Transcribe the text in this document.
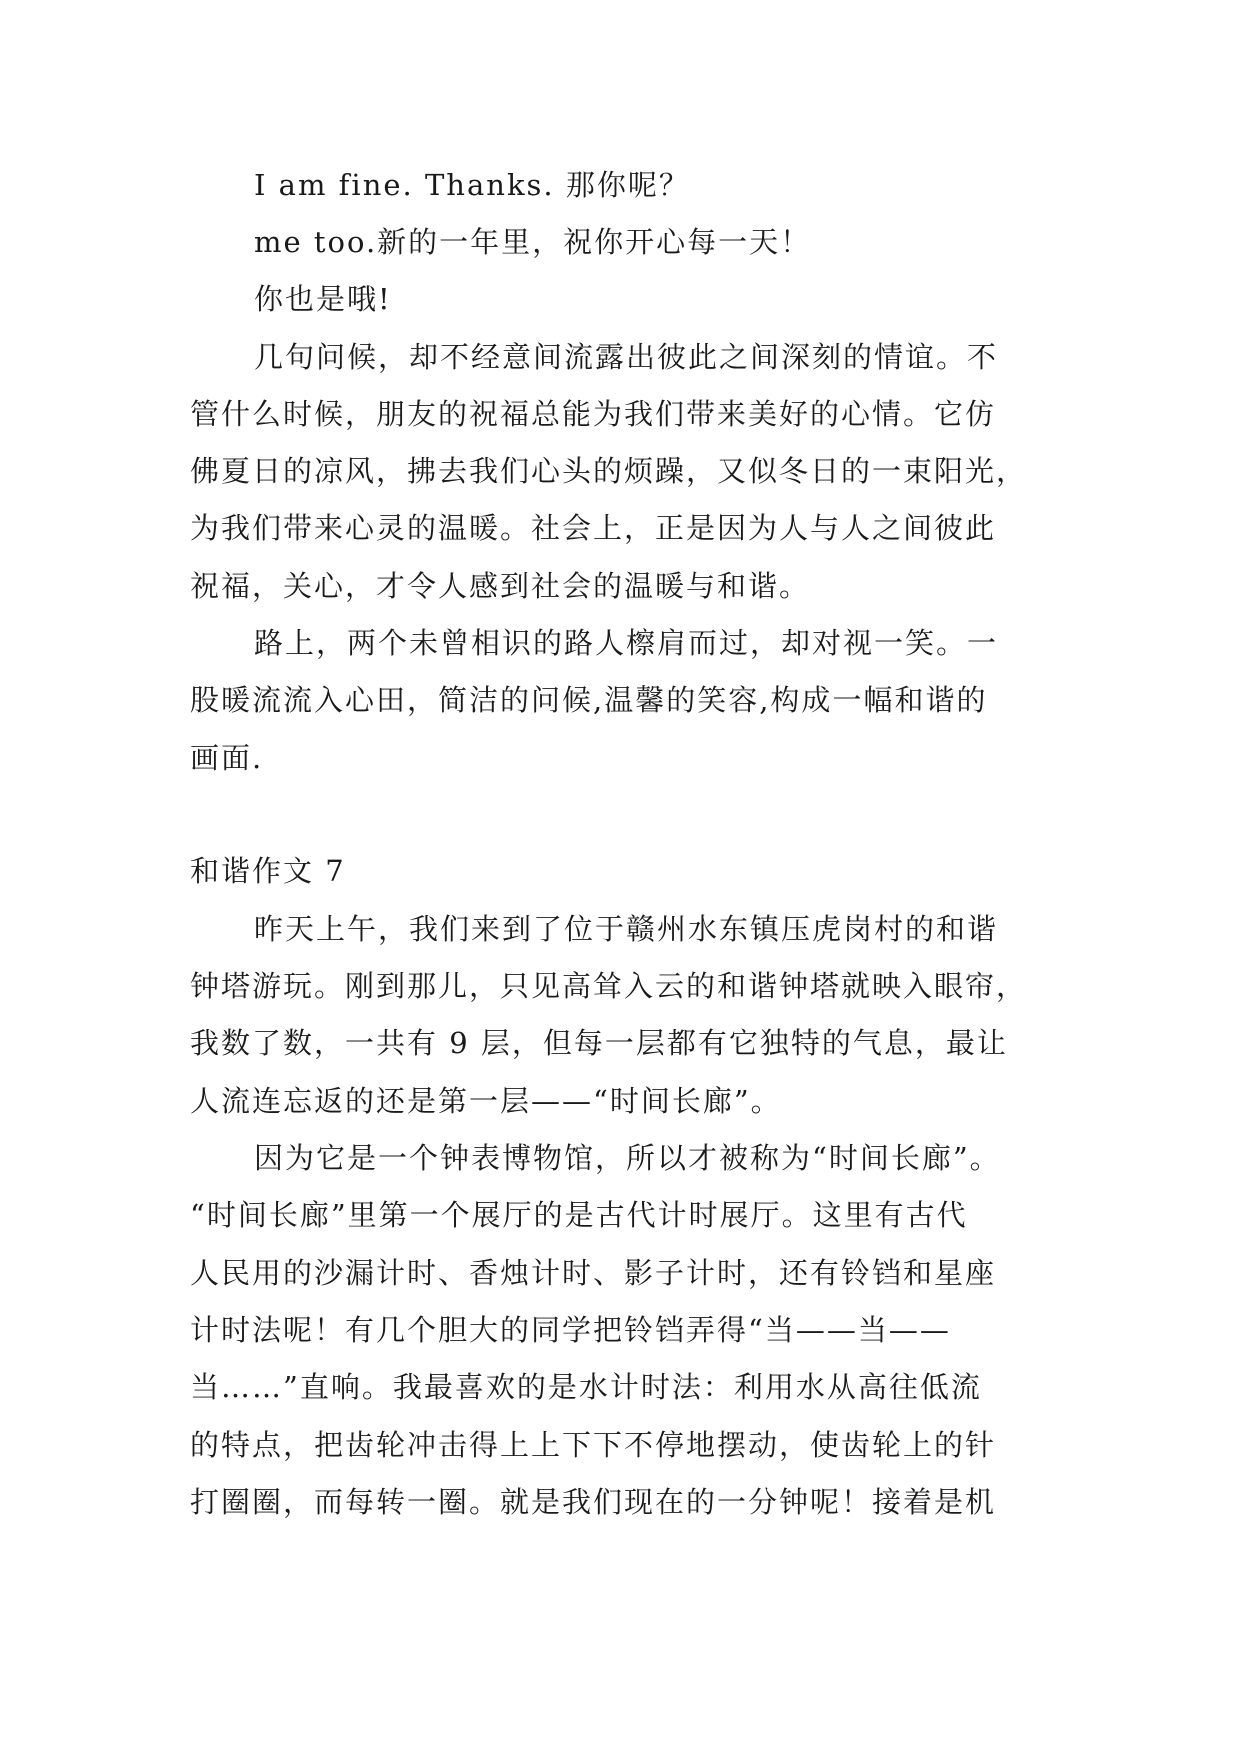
I am fine. Thanks. 那你呢？
me too.新的一年里，祝你开心每一天！
你也是哦!
几句问候，却不经意间流露出彼此之间深刻的情谊。不
管什么时候，朋友的祝福总能为我们带来美好的心情。它仿
佛夏日的凉风，拂去我们心头的烦躁，又似冬日的一束阳光，
为我们带来心灵的温暖。社会上，正是因为人与人之间彼此
祝福，关心，才令人感到社会的温暖与和谐。
路上，两个未曾相识的路人檫肩而过，却对视一笑。一
股暖流流入心田，简洁的问候,温馨的笑容,构成一幅和谐的
画面.
和谐作文 7
昨天上午，我们来到了位于赣州水东镇压虎岗村的和谐
钟塔游玩。刚到那儿，只见高耸入云的和谐钟塔就映入眼帘，
我数了数，一共有 9 层，但每一层都有它独特的气息，最让
人流连忘返的还是第一层——“时间长廊”。
因为它是一个钟表博物馆，所以才被称为“时间长廊”。
“时间长廊”里第一个展厅的是古代计时展厅。这里有古代
人民用的沙漏计时、香烛计时、影子计时，还有铃铛和星座
计时法呢！有几个胆大的同学把铃铛弄得“当——当——
当……”直响。我最喜欢的是水计时法：利用水从高往低流
的特点，把齿轮冲击得上上下下不停地摆动，使齿轮上的针
打圈圈，而每转一圈。就是我们现在的一分钟呢！接着是机
